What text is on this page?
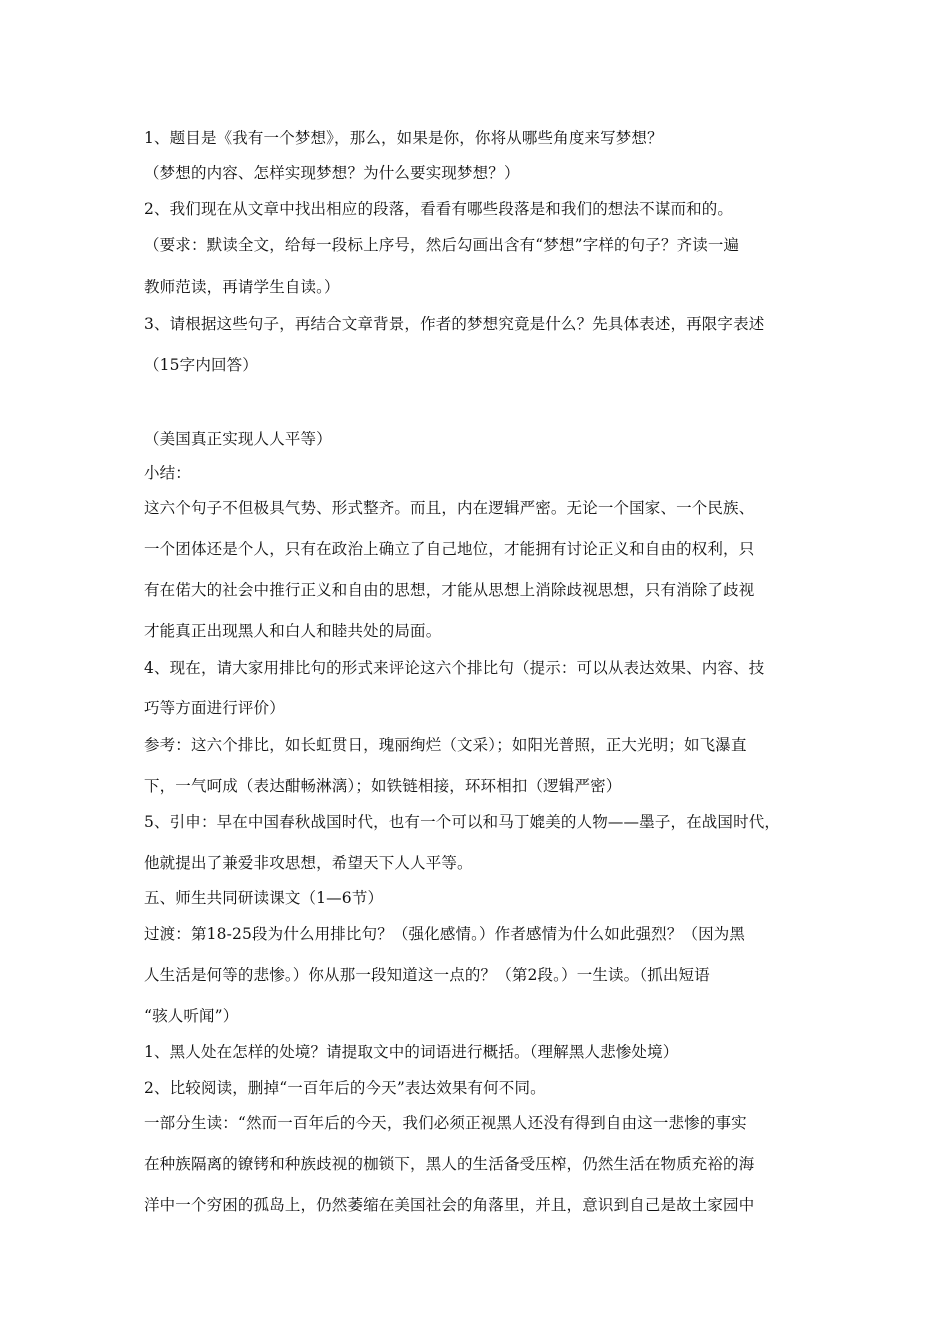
1、题目是《我有一个梦想》，那么，如果是你，你将从哪些角度来写梦想？
（梦想的内容、怎样实现梦想？为什么要实现梦想？）
2、我们现在从文章中找出相应的段落，看看有哪些段落是和我们的想法不谋而和的。
（要求：默读全文，给每一段标上序号，然后勾画出含有“梦想”字样的句子？齐读一遍
教师范读，再请学生自读。）
3、请根据这些句子，再结合文章背景，作者的梦想究竟是什么？先具体表述，再限字表述
（15字内回答）
（美国真正实现人人平等）
小结：
这六个句子不但极具气势、形式整齐。而且，内在逻辑严密。无论一个国家、一个民族、
一个团体还是个人，只有在政治上确立了自己地位，才能拥有讨论正义和自由的权利，只
有在偌大的社会中推行正义和自由的思想，才能从思想上消除歧视思想，只有消除了歧视
才能真正出现黑人和白人和睦共处的局面。
4、现在，请大家用排比句的形式来评论这六个排比句（提示：可以从表达效果、内容、技
巧等方面进行评价）
参考：这六个排比，如长虹贯日，瑰丽绚烂（文采）；如阳光普照，正大光明；如飞瀑直
下，一气呵成（表达酣畅淋漓）；如铁链相接，环环相扣（逻辑严密）
5、引申：早在中国春秋战国时代，也有一个可以和马丁媲美的人物——墨子，在战国时代，
他就提出了兼爱非攻思想，希望天下人人平等。
五、师生共同研读课文（1—6节）
过渡：第18-25段为什么用排比句？（强化感情。）作者感情为什么如此强烈？（因为黑
人生活是何等的悲惨。）你从那一段知道这一点的？（第2段。）一生读。（抓出短语
“骇人听闻”）
1、黑人处在怎样的处境？请提取文中的词语进行概括。（理解黑人悲惨处境）
2、比较阅读，删掉“一百年后的今天”表达效果有何不同。
一部分生读：“然而一百年后的今天，我们必须正视黑人还没有得到自由这一悲惨的事实
在种族隔离的镣铐和种族歧视的枷锁下，黑人的生活备受压榨，仍然生活在物质充裕的海
洋中一个穷困的孤岛上，仍然萎缩在美国社会的角落里，并且，意识到自己是故土家园中
